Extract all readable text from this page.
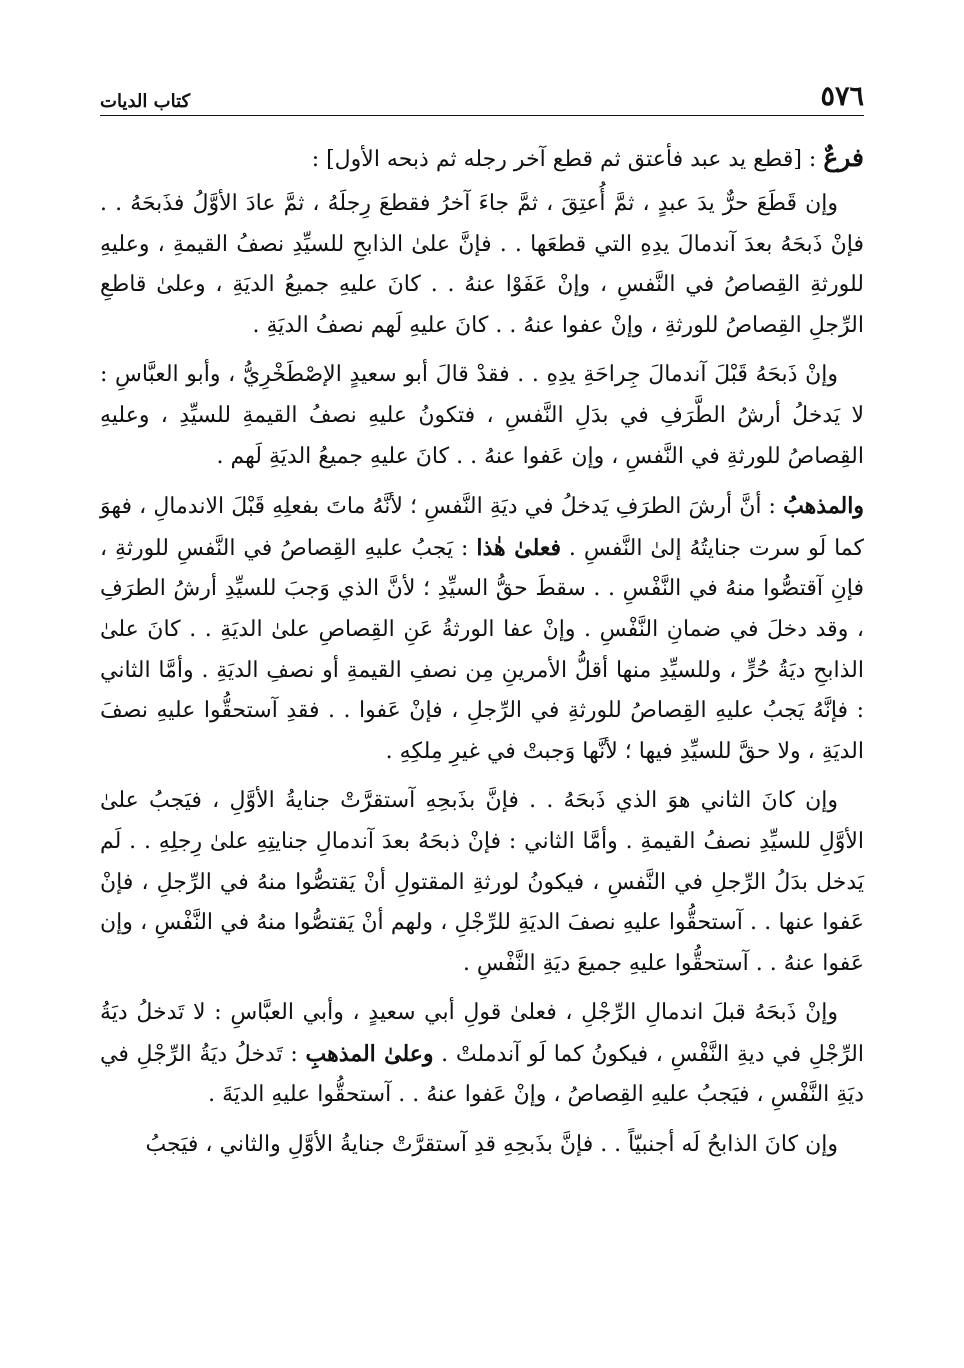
٥٧٦
كتاب الديات
فرعٌ : [قطع يد عبد فأعتق ثم قطع آخر رجله ثم ذبحه الأول] :

وإن قَطَعَ حرٌّ يدَ عبدٍ ، ثمَّ أُعتِقَ ، ثمَّ جاءَ آخرُ فقطعَ رِجلَهُ ، ثمَّ عادَ الأوَّلُ فذَبحَهُ . . فإنْ ذَبحَهُ بعدَ آندمالَ يدِهِ التي قطعَها . . فإنَّ علىٰ الذابحِ للسيِّدِ نصفُ القيمةِ ، وعليهِ للورثةِ القِصاصُ في النَّفسِ ، وإنْ عَفَوْا عنهُ . . كانَ عليهِ جميعُ الديَةِ ، وعلىٰ قاطعِ الرِّجلِ القِصاصُ للورثةِ ، وإنْ عفوا عنهُ . . كانَ عليهِ لَهم نصفُ الديَةِ .

وإنْ ذَبحَهُ قَبْلَ آندمالَ جِراحَةِ يدِهِ . . فقدْ قالَ أبو سعيدٍ الإصْطَخْرِيُّ ، وأبو العبَّاسِ : لا يَدخلُ أرشُ الطَّرَفِ في بدَلِ النَّفسِ ، فتكونُ عليهِ نصفُ القيمةِ للسيِّدِ ، وعليهِ القِصاصُ للورثةِ في النَّفسِ ، وإن عَفوا عنهُ . . كانَ عليهِ جميعُ الديَةِ لَهم .

والمذهبُ : أنَّ أرشَ الطرَفِ يَدخلُ في ديَةِ النَّفسِ ؛ لأنَّهُ ماتَ بفعلِهِ قَبْلَ الاندمالِ ، فهوَ كما لَو سرت جنايتُهُ إلىٰ النَّفسِ . فعلىٰ هٰذا : يَجبُ عليهِ القِصاصُ في النَّفسِ للورثةِ ، فإنِ آقتصُّوا منهُ في النَّفْسِ . . سقطَ حقُّ السيِّدِ ؛ لأنَّ الذي وَجبَ للسيِّدِ أرشُ الطرَفِ ، وقد دخلَ في ضمانِ النَّفْسِ . وإنْ عفا الورثةُ عَنِ القِصاصِ علىٰ الديَةِ . . كانَ علىٰ الذابحِ ديَةُ حُرٍّ ، وللسيِّدِ منها أقلُّ الأمرينِ مِن نصفِ القيمةِ أو نصفِ الديَةِ . وأمَّا الثاني : فإنَّهُ يَجبُ عليهِ القِصاصُ للورثةِ في الرِّجلِ ، فإنْ عَفوا . . فقدِ آستحقُّوا عليهِ نصفَ الديَةِ ، ولا حقَّ للسيِّدِ فيها ؛ لأنَّها وَجبتْ في غيرِ مِلكِهِ .

وإن كانَ الثاني هوَ الذي ذَبحَهُ . . فإنَّ بذَبحِهِ آستقرَّتْ جنايةُ الأوَّلِ ، فيَجبُ علىٰ الأوَّلِ للسيِّدِ نصفُ القيمةِ . وأمَّا الثاني : فإنْ ذبحَهُ بعدَ آندمالِ جنايتِهِ علىٰ رِجلِهِ . . لَم يَدخل بدَلُ الرِّجلِ في النَّفسِ ، فيكونُ لورثةِ المقتولِ أنْ يَقتصُّوا منهُ في الرِّجلِ ، فإنْ عَفوا عنها . . آستحقُّوا عليهِ نصفَ الديَةِ للرِّجْلِ ، ولهم أنْ يَقتصُّوا منهُ في النَّفْسِ ، وإن عَفوا عنهُ . . آستحقُّوا عليهِ جميعَ ديَةِ النَّفْسِ .

وإنْ ذَبحَهُ قبلَ اندمالِ الرِّجْلِ ، فعلىٰ قولِ أبي سعيدٍ ، وأبي العبَّاسِ : لا تَدخلُ ديَةُ الرِّجْلِ في ديةِ النَّفْسِ ، فيكونُ كما لَو آندملتْ . وعلىٰ المذهبِ : تَدخلُ ديَةُ الرِّجْلِ في ديَةِ النَّفْسِ ، فيَجبُ عليهِ القِصاصُ ، وإنْ عَفوا عنهُ . . آستحقُّوا عليهِ الديَةَ .

وإن كانَ الذابحُ لَه أجنبيّاً . . فإنَّ بذَبحِهِ قدِ آستقرَّتْ جنايةُ الأوَّلِ والثاني ، فيَجبُ
